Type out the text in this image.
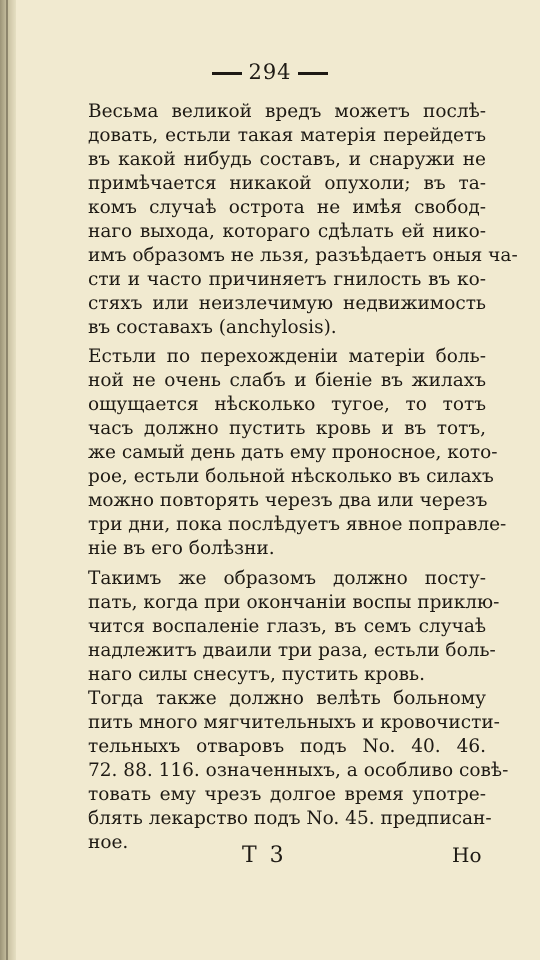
294
Весьма великой вредъ можетъ послѣ-
довать, естьли такая матерія перейдетъ
въ какой нибудь составъ, и снаружи не
примѣчается никакой опухоли; въ та-
комъ случаѣ острота не имѣя свобод-
наго выхода, котораго сдѣлать ей нико-
имъ образомъ не льзя, разъѣдаетъ оныя ча-
сти и часто причиняетъ гнилость въ ко-
стяхъ или неизлечимую недвижимость
въ составахъ (anchylosis).
Естьли по перехожденіи матеріи боль-
ной не очень слабъ и біеніе въ жилахъ
ощущается нѣсколько тугое, то тотъ
часъ должно пустить кровь и въ тотъ,
же самый день дать ему проносное, кото-
рое, естьли больной нѣсколько въ силахъ
можно повторять черезъ два или черезъ
три дни, пока послѣдуетъ явное поправле-
ніе въ его болѣзни.
Такимъ же образомъ должно посту-
пать, когда при окончаніи воспы приклю-
чится воспаленіе глазъ, въ семъ случаѣ
надлежитъ дваили три раза, естьли боль-
наго силы снесутъ, пустить кровь.
Тогда также должно велѣть больному
пить много мягчительныхъ и кровочисти-
тельныхъ отваровъ подъ No. 40. 46.
72. 88. 116. означенныхъ, а особливо совѣ-
товать ему чрезъ долгое время употре-
блять лекарство подъ No. 45. предписан-
ное.
Т 3	Но
